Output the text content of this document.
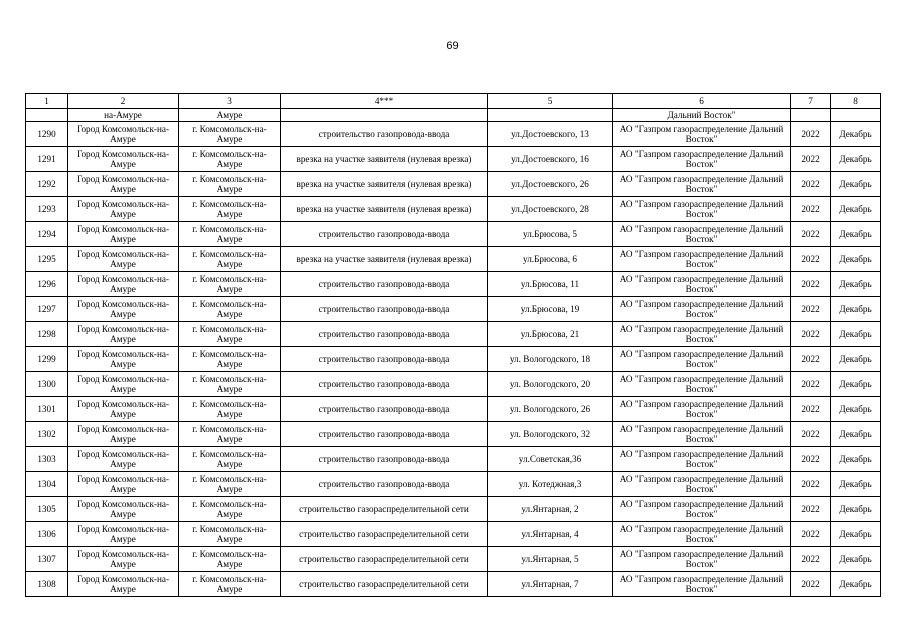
69
1	2	3	4***	5	6	7	8
	на-Амуре	Амуре			Дальний Восток"		
1290	Город Комсомольск-на-Амуре	г. Комсомольск-на-Амуре	строительство газопровода-ввода	ул.Достоевского, 13	АО "Газпром газораспределение Дальний Восток"	2022	Декабрь
1291	Город Комсомольск-на-Амуре	г. Комсомольск-на-Амуре	врезка на участке заявителя (нулевая врезка)	ул.Достоевского, 16	АО "Газпром газораспределение Дальний Восток"	2022	Декабрь
1292	Город Комсомольск-на-Амуре	г. Комсомольск-на-Амуре	врезка на участке заявителя (нулевая врезка)	ул.Достоевского, 26	АО "Газпром газораспределение Дальний Восток"	2022	Декабрь
1293	Город Комсомольск-на-Амуре	г. Комсомольск-на-Амуре	врезка на участке заявителя (нулевая врезка)	ул.Достоевского, 28	АО "Газпром газораспределение Дальний Восток"	2022	Декабрь
1294	Город Комсомольск-на-Амуре	г. Комсомольск-на-Амуре	строительство газопровода-ввода	ул.Брюсова, 5	АО "Газпром газораспределение Дальний Восток"	2022	Декабрь
1295	Город Комсомольск-на-Амуре	г. Комсомольск-на-Амуре	врезка на участке заявителя (нулевая врезка)	ул.Брюсова, 6	АО "Газпром газораспределение Дальний Восток"	2022	Декабрь
1296	Город Комсомольск-на-Амуре	г. Комсомольск-на-Амуре	строительство газопровода-ввода	ул.Брюсова, 11	АО "Газпром газораспределение Дальний Восток"	2022	Декабрь
1297	Город Комсомольск-на-Амуре	г. Комсомольск-на-Амуре	строительство газопровода-ввода	ул.Брюсова, 19	АО "Газпром газораспределение Дальний Восток"	2022	Декабрь
1298	Город Комсомольск-на-Амуре	г. Комсомольск-на-Амуре	строительство газопровода-ввода	ул.Брюсова, 21	АО "Газпром газораспределение Дальний Восток"	2022	Декабрь
1299	Город Комсомольск-на-Амуре	г. Комсомольск-на-Амуре	строительство газопровода-ввода	ул. Вологодского, 18	АО "Газпром газораспределение Дальний Восток"	2022	Декабрь
1300	Город Комсомольск-на-Амуре	г. Комсомольск-на-Амуре	строительство газопровода-ввода	ул. Вологодского, 20	АО "Газпром газораспределение Дальний Восток"	2022	Декабрь
1301	Город Комсомольск-на-Амуре	г. Комсомольск-на-Амуре	строительство газопровода-ввода	ул. Вологодского, 26	АО "Газпром газораспределение Дальний Восток"	2022	Декабрь
1302	Город Комсомольск-на-Амуре	г. Комсомольск-на-Амуре	строительство газопровода-ввода	ул. Вологодского, 32	АО "Газпром газораспределение Дальний Восток"	2022	Декабрь
1303	Город Комсомольск-на-Амуре	г. Комсомольск-на-Амуре	строительство газопровода-ввода	ул.Советская,36	АО "Газпром газораспределение Дальний Восток"	2022	Декабрь
1304	Город Комсомольск-на-Амуре	г. Комсомольск-на-Амуре	строительство газопровода-ввода	ул. Котеджная,3	АО "Газпром газораспределение Дальний Восток"	2022	Декабрь
1305	Город Комсомольск-на-Амуре	г. Комсомольск-на-Амуре	строительство газораспределительной сети	ул.Янтарная, 2	АО "Газпром газораспределение Дальний Восток"	2022	Декабрь
1306	Город Комсомольск-на-Амуре	г. Комсомольск-на-Амуре	строительство газораспределительной сети	ул.Янтарная, 4	АО "Газпром газораспределение Дальний Восток"	2022	Декабрь
1307	Город Комсомольск-на-Амуре	г. Комсомольск-на-Амуре	строительство газораспределительной сети	ул.Янтарная, 5	АО "Газпром газораспределение Дальний Восток"	2022	Декабрь
1308	Город Комсомольск-на-Амуре	г. Комсомольск-на-Амуре	строительство газораспределительной сети	ул.Янтарная, 7	АО "Газпром газораспределение Дальний Восток"	2022	Декабрь
